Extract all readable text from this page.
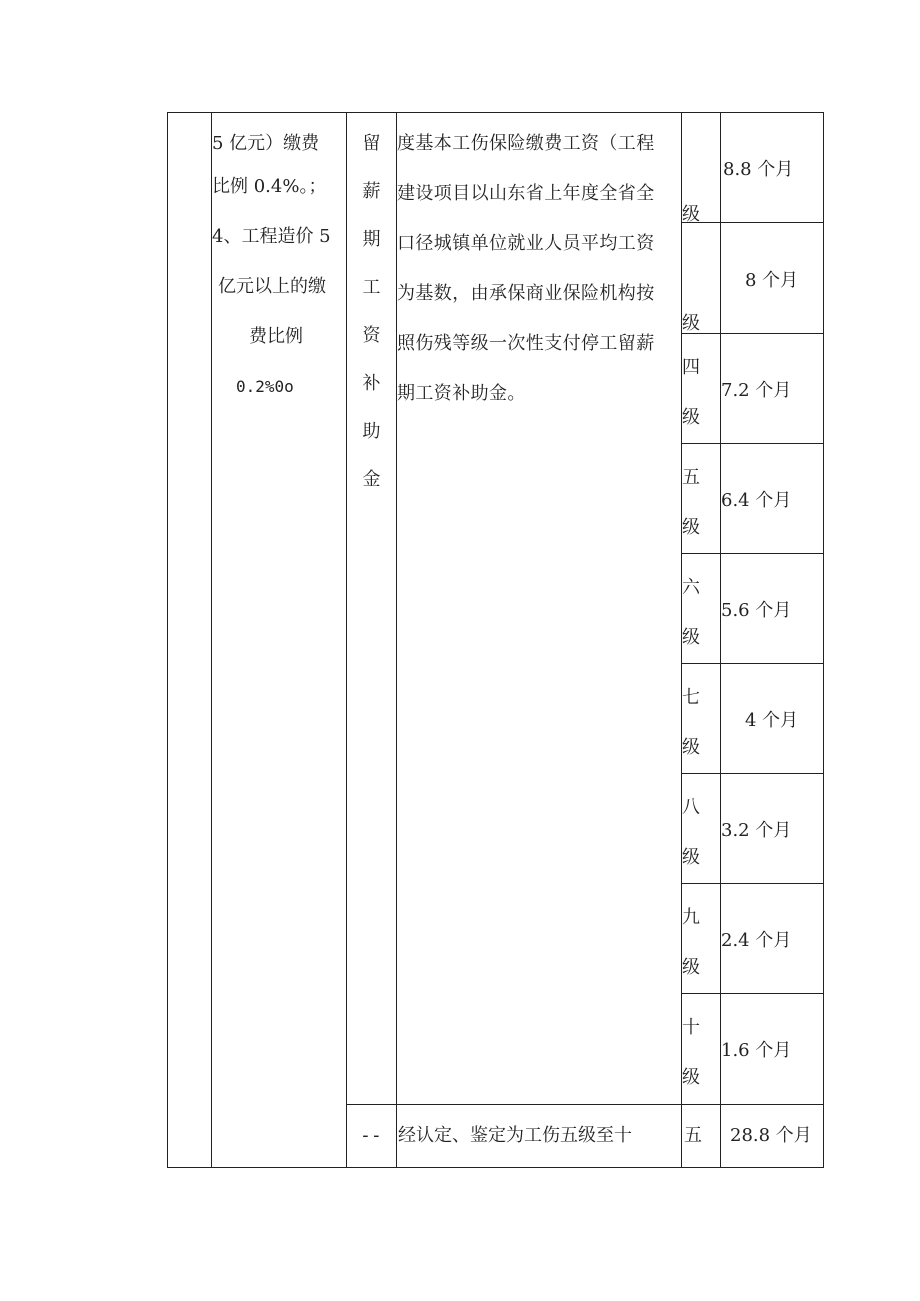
5 亿元）缴费
比例 0.4%。；
4、工程造价 5
亿元以上的缴
费比例
0.2%0o
留
薪
期
工
资
补
助
金
度基本工伤保险缴费工资（工程
建设项目以山东省上年度全省全
口径城镇单位就业人员平均工资
为基数，由承保商业保险机构按
照伤残等级一次性支付停工留薪
期工资补助金。
级
8.8 个月
级
8 个月
四
级
7.2 个月
五
级
6.4 个月
六
级
5.6 个月
七
级
4 个月
八
级
3.2 个月
九
级
2.4 个月
十
级
1.6 个月
-- 经认定、鉴定为工伤五级至十	五 28.8 个月
